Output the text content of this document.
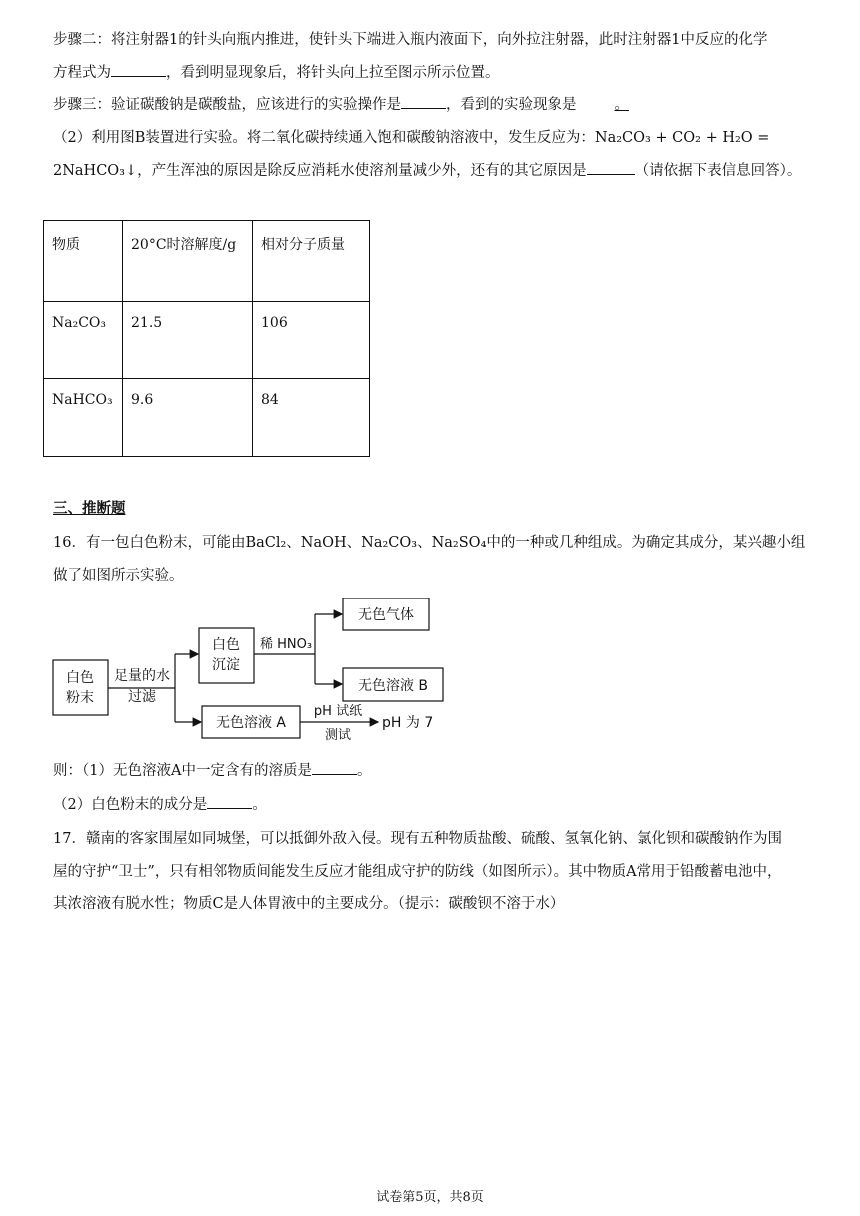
步骤二：将注射器1的针头向瓶内推进，使针头下端进入瓶内液面下，向外拉注射器，此时注射器1中反应的化学
方程式为	，看到明显现象后，将针头向上拉至图示所示位置。
步骤三：验证碳酸钠是碳酸盐，应该进行的实验操作是	，看到的实验现象是	。
（2）利用图B装置进行实验。将二氧化碳持续通入饱和碳酸钠溶液中，发生反应为：Na₂CO₃ + CO₂ + H₂O =
2NaHCO₃↓，产生浑浊的原因是除反应消耗水使溶剂量减少外，还有的其它原因是	（请依据下表信息回答）。
物质	20°C时溶解度/g	相对分子质量
Na₂CO₃	21.5	106
NaHCO₃	9.6	84
三、推断题
16．有一包白色粉末，可能由BaCl₂、NaOH、Na₂CO₃、Na₂SO₄中的一种或几种组成。为确定其成分，某兴趣小组
做了如图所示实验。
白色
粉末
白色
沉淀
无色气体
无色溶液 B
无色溶液 A
足量的水
过滤
稀 HNO₃
pH 试纸
测试
pH 为 7
则：（1）无色溶液A中一定含有的溶质是	。
（2）白色粉末的成分是	。
17．赣南的客家围屋如同城堡，可以抵御外敌入侵。现有五种物质盐酸、硫酸、氢氧化钠、氯化钡和碳酸钠作为围
屋的守护“卫士”，只有相邻物质间能发生反应才能组成守护的防线（如图所示）。其中物质A常用于铅酸蓄电池中，
其浓溶液有脱水性；物质C是人体胃液中的主要成分。（提示：碳酸钡不溶于水）
试卷第5页，共8页
